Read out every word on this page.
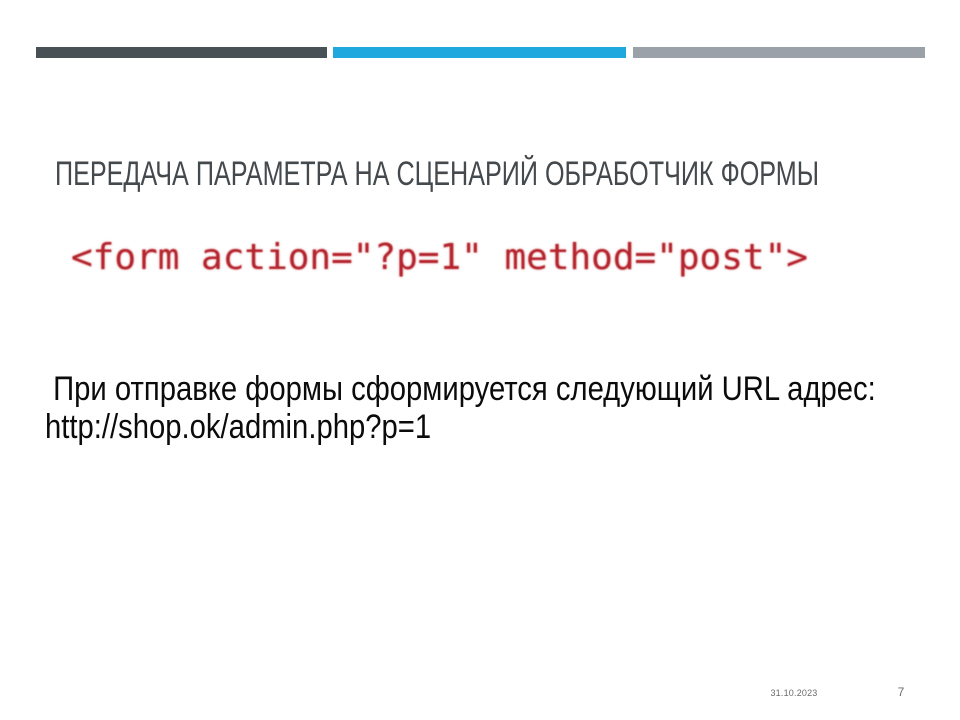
ПЕРЕДАЧА ПАРАМЕТРА НА СЦЕНАРИЙ ОБРАБОТЧИК ФОРМЫ
<form action="?p=1" method="post">
При отправке формы сформируется следующий URL адрес:
http://shop.ok/admin.php?p=1
31.10.2023	7
